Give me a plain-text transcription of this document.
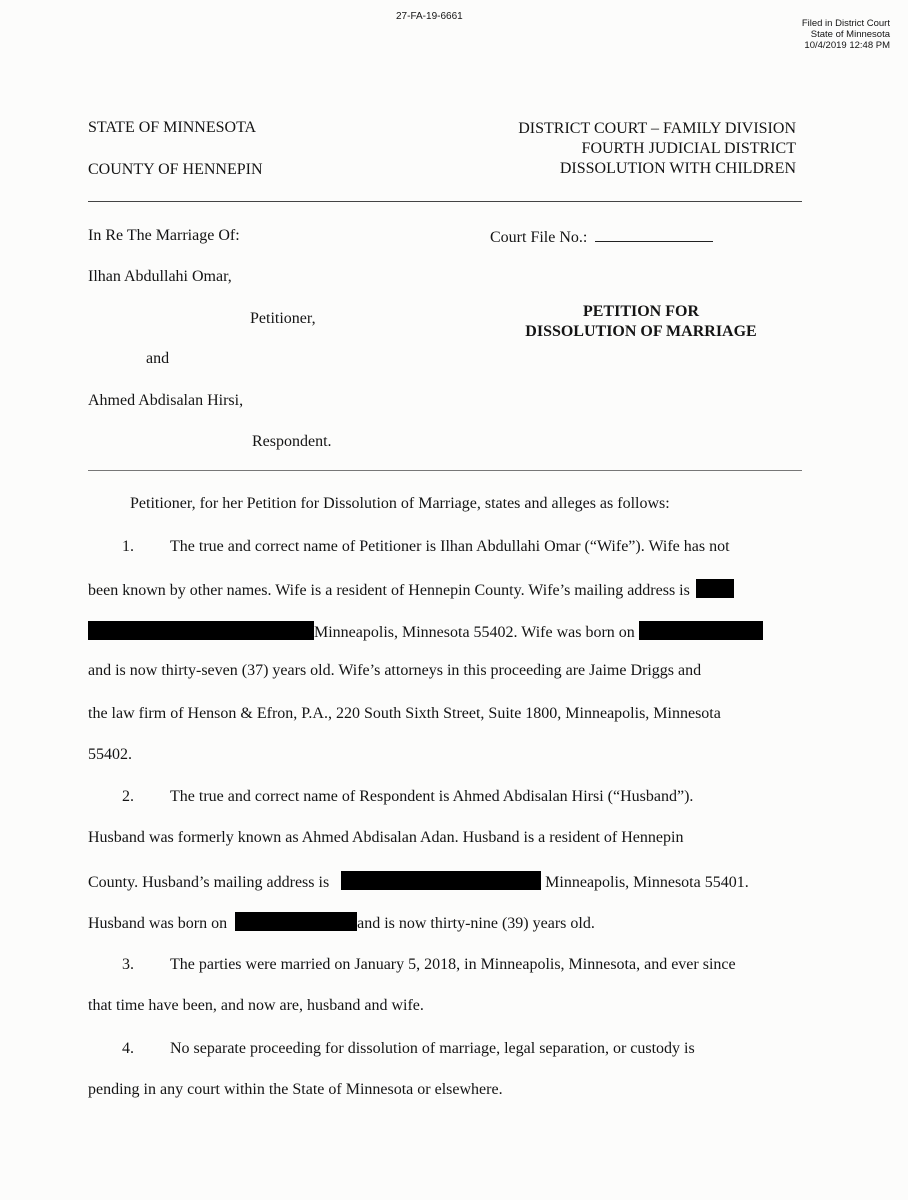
27-FA-19-6661
Filed in District Court
State of Minnesota
10/4/2019 12:48 PM
STATE OF MINNESOTA
COUNTY OF HENNEPIN
DISTRICT COURT – FAMILY DIVISION
FOURTH JUDICIAL DISTRICT
DISSOLUTION WITH CHILDREN
In Re The Marriage Of:	Court File No.:
Ilhan Abdullahi Omar,
Petitioner,	PETITION FOR
DISSOLUTION OF MARRIAGE
and
Ahmed Abdisalan Hirsi,
Respondent.
Petitioner, for her Petition for Dissolution of Marriage, states and alleges as follows:
1. The true and correct name of Petitioner is Ilhan Abdullahi Omar (“Wife”). Wife has not
been known by other names. Wife is a resident of Hennepin County. Wife’s mailing address is
Minneapolis, Minnesota 55402. Wife was born on
and is now thirty-seven (37) years old. Wife’s attorneys in this proceeding are Jaime Driggs and
the law firm of Henson & Efron, P.A., 220 South Sixth Street, Suite 1800, Minneapolis, Minnesota
55402.
2. The true and correct name of Respondent is Ahmed Abdisalan Hirsi (“Husband”).
Husband was formerly known as Ahmed Abdisalan Adan. Husband is a resident of Hennepin
County. Husband’s mailing address is	Minneapolis, Minnesota 55401.
Husband was born on	and is now thirty-nine (39) years old.
3. The parties were married on January 5, 2018, in Minneapolis, Minnesota, and ever since
that time have been, and now are, husband and wife.
4. No separate proceeding for dissolution of marriage, legal separation, or custody is
pending in any court within the State of Minnesota or elsewhere.
